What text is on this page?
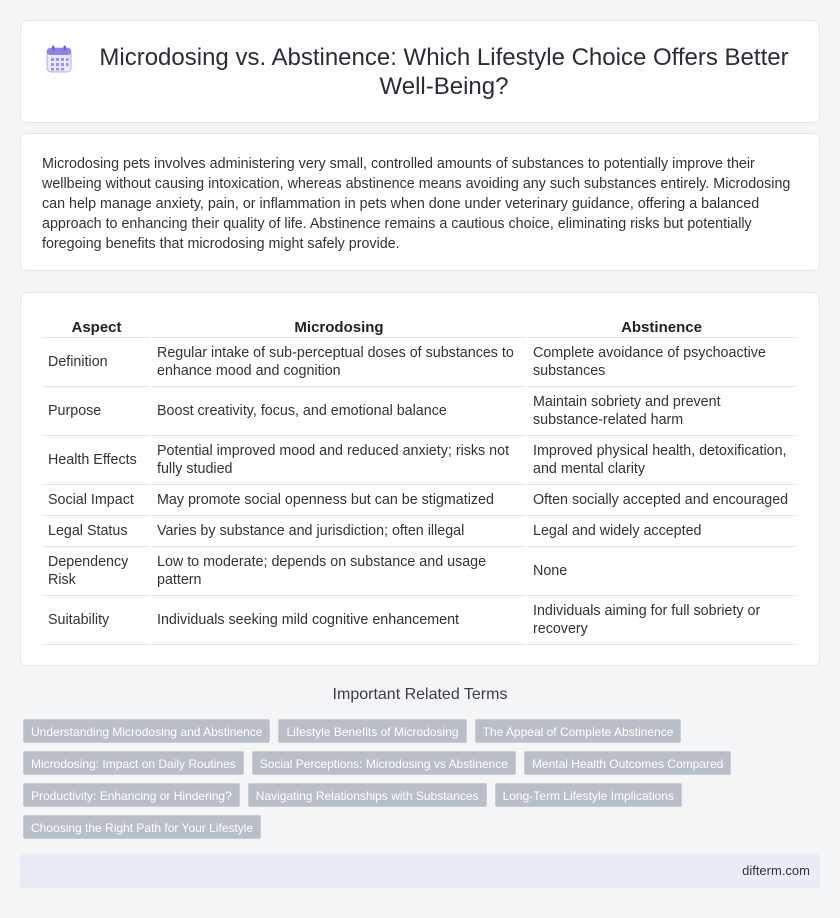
Microdosing vs. Abstinence: Which Lifestyle Choice Offers Better Well-Being?

Microdosing pets involves administering very small, controlled amounts of substances to potentially improve their wellbeing without causing intoxication, whereas abstinence means avoiding any such substances entirely. Microdosing can help manage anxiety, pain, or inflammation in pets when done under veterinary guidance, offering a balanced approach to enhancing their quality of life. Abstinence remains a cautious choice, eliminating risks but potentially foregoing benefits that microdosing might safely provide.

Aspect	Microdosing	Abstinence
Definition	Regular intake of sub-perceptual doses of substances to enhance mood and cognition	Complete avoidance of psychoactive substances
Purpose	Boost creativity, focus, and emotional balance	Maintain sobriety and prevent substance-related harm
Health Effects	Potential improved mood and reduced anxiety; risks not fully studied	Improved physical health, detoxification, and mental clarity
Social Impact	May promote social openness but can be stigmatized	Often socially accepted and encouraged
Legal Status	Varies by substance and jurisdiction; often illegal	Legal and widely accepted
Dependency Risk	Low to moderate; depends on substance and usage pattern	None
Suitability	Individuals seeking mild cognitive enhancement	Individuals aiming for full sobriety or recovery
Important Related Terms
Understanding Microdosing and Abstinence	Lifestyle Benefits of Microdosing	The Appeal of Complete Abstinence
Microdosing: Impact on Daily Routines	Social Perceptions: Microdosing vs Abstinence	Mental Health Outcomes Compared
Productivity: Enhancing or Hindering?	Navigating Relationships with Substances	Long-Term Lifestyle Implications
Choosing the Right Path for Your Lifestyle
difterm.com
